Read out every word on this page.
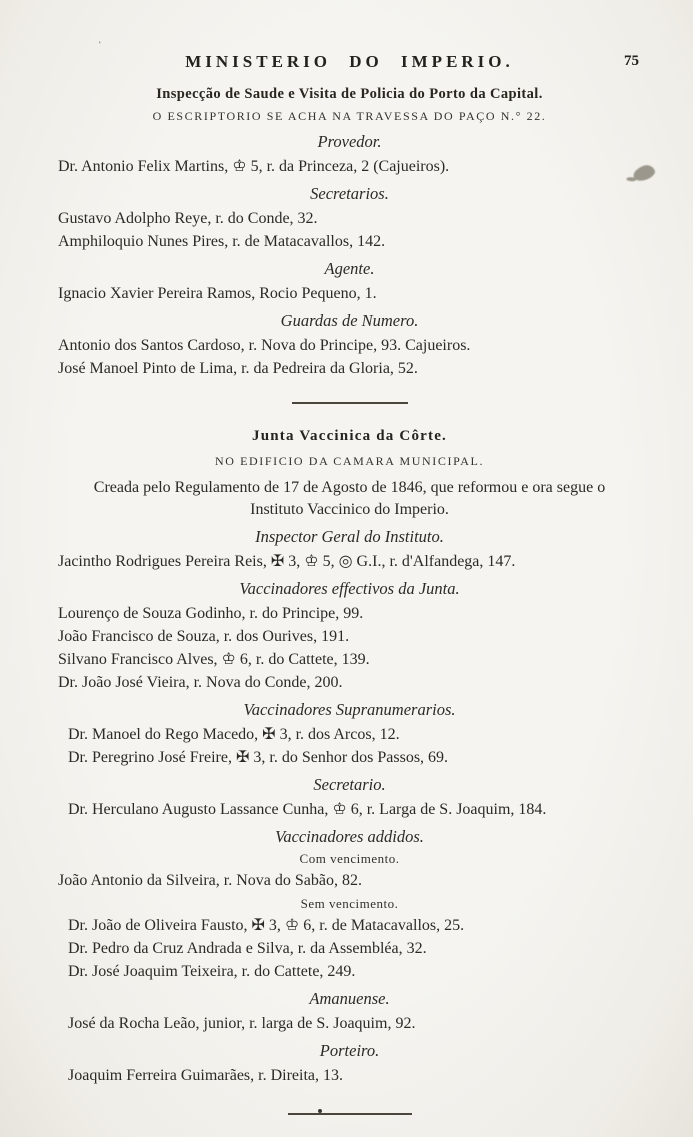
῾
MINISTERIO DO IMPERIO.	75
Inspecção de Saude e Visita de Policia do Porto da Capital.
O ESCRIPTORIO SE ACHA NA TRAVESSA DO PAÇO N.° 22.
Provedor.
Dr. Antonio Felix Martins, ♔ 5, r. da Princeza, 2 (Cajueiros).
Secretarios.
Gustavo Adolpho Reye, r. do Conde, 32.
Amphiloquio Nunes Pires, r. de Matacavallos, 142.
Agente.
Ignacio Xavier Pereira Ramos, Rocio Pequeno, 1.
Guardas de Numero.
Antonio dos Santos Cardoso, r. Nova do Principe, 93. Cajueiros.
José Manoel Pinto de Lima, r. da Pedreira da Gloria, 52.
Junta Vaccinica da Côrte.
NO EDIFICIO DA CAMARA MUNICIPAL.
Creada pelo Regulamento de 17 de Agosto de 1846, que reformou e ora segue o Instituto Vaccinico do Imperio.
Inspector Geral do Instituto.
Jacintho Rodrigues Pereira Reis, ✠ 3, ♔ 5, ◎ G.I., r. d'Alfandega, 147.
Vaccinadores effectivos da Junta.
Lourenço de Souza Godinho, r. do Principe, 99.
João Francisco de Souza, r. dos Ourives, 191.
Silvano Francisco Alves, ♔ 6, r. do Cattete, 139.
Dr. João José Vieira, r. Nova do Conde, 200.
Vaccinadores Supranumerarios.
Dr. Manoel do Rego Macedo, ✠ 3, r. dos Arcos, 12.
Dr. Peregrino José Freire, ✠ 3, r. do Senhor dos Passos, 69.
Secretario.
Dr. Herculano Augusto Lassance Cunha, ♔ 6, r. Larga de S. Joaquim, 184.
Vaccinadores addidos.
Com vencimento.
João Antonio da Silveira, r. Nova do Sabão, 82.
Sem vencimento.
Dr. João de Oliveira Fausto, ✠ 3, ♔ 6, r. de Matacavallos, 25.
Dr. Pedro da Cruz Andrada e Silva, r. da Assembléa, 32.
Dr. José Joaquim Teixeira, r. do Cattete, 249.
Amanuense.
José da Rocha Leão, junior, r. larga de S. Joaquim, 92.
Porteiro.
Joaquim Ferreira Guimarães, r. Direita, 13.
